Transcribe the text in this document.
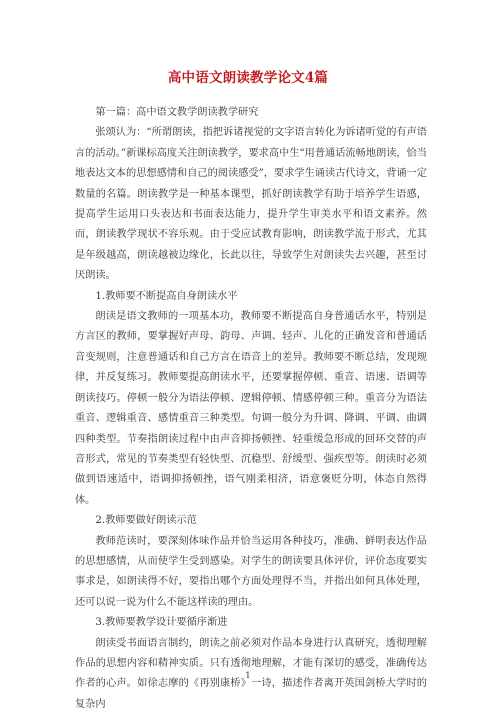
高中语文朗读教学论文4篇

第一篇：高中语文教学朗读教学研究

张颂认为：“所谓朗读，指把诉诸视觉的文字语言转化为诉诸听觉的有声语言的活动。”新课标高度关注朗读教学，要求高中生“用普通话流畅地朗读，恰当地表达文本的思想感情和自己的阅读感受”，要求学生诵读古代诗文，背诵一定数量的名篇。朗读教学是一种基本课型，抓好朗读教学有助于培养学生语感，提高学生运用口头表达和书面表达能力，提升学生审美水平和语文素养。然而，朗读教学现状不容乐观。由于受应试教育影响，朗读教学流于形式，尤其是年级越高，朗读越被边缘化，长此以往，导致学生对朗读失去兴趣，甚至讨厌朗读。

1.教师要不断提高自身朗读水平

朗读是语文教师的一项基本功，教师要不断提高自身普通话水平，特别是方言区的教师，要掌握好声母、韵母、声调、轻声、儿化的正确发音和普通话音变规则，注意普通话和自己方言在语音上的差异。教师要不断总结，发现规律，并反复练习。教师要提高朗读水平，还要掌握停顿、重音、语速、语调等朗读技巧。停顿一般分为语法停顿、逻辑停顿、情感停顿三种。重音分为语法重音、逻辑重音、感情重音三种类型。句调一般分为升调、降调、平调、曲调四种类型。节奏指朗读过程中由声音抑扬顿挫、轻重缓急形成的回环交替的声音形式，常见的节奏类型有轻快型、沉稳型、舒缓型、强疾型等。朗读时必须做到语速适中，语调抑扬顿挫，语气刚柔相济，语意褒贬分明，体态自然得体。

2.教师要做好朗读示范

教师范读时，要深刻体味作品并恰当运用各种技巧，准确、鲜明表达作品的思想感情，从而使学生受到感染。对学生的朗读要具体评价，评价态度要实事求是，如朗读得不好，要指出哪个方面处理得不当，并指出如何具体处理，还可以说一说为什么不能这样读的理由。

3.教师要教学设计要循序渐进

朗读受书面语言制约，朗读之前必须对作品本身进行认真研究，透彻理解作品的思想内容和精神实质。只有透彻地理解，才能有深切的感受，准确传达作者的心声。如徐志摩的《再别康桥》一诗，描述作者离开英国剑桥大学时的复杂内

1
